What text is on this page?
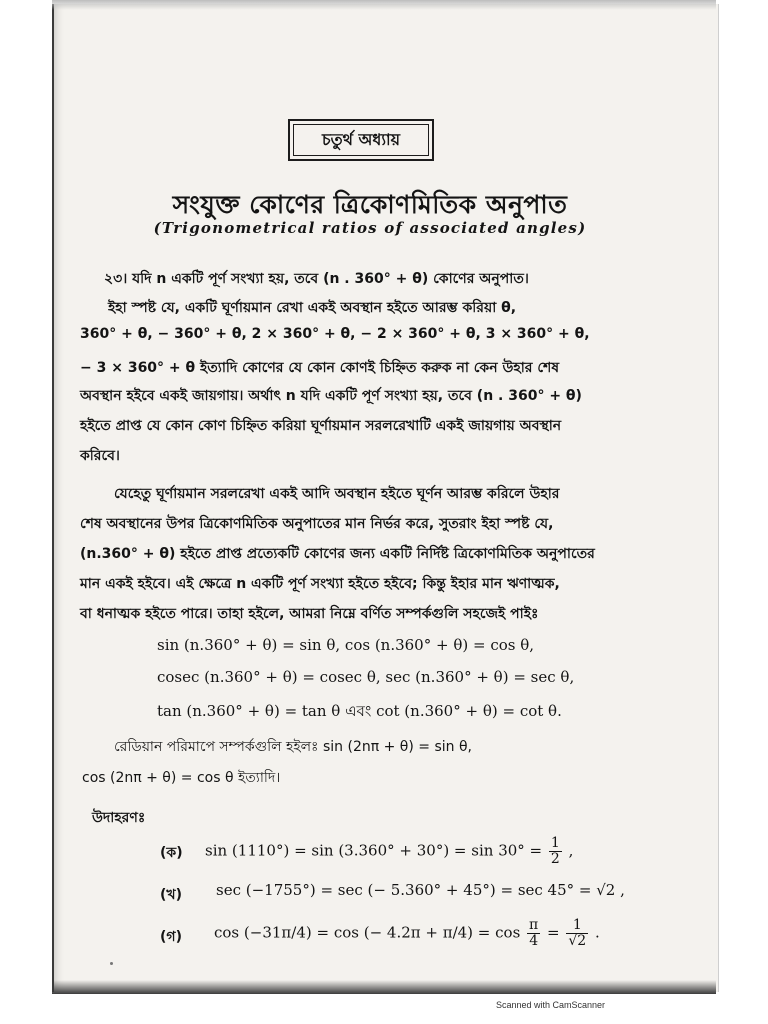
চতুর্থ অধ্যায়
সংযুক্ত কোণের ত্রিকোণমিতিক অনুপাত
(Trigonometrical ratios of associated angles)
২৩। যদি n একটি পূর্ণ সংখ্যা হয়, তবে (n . 360° + θ) কোণের অনুপাত।
ইহা স্পষ্ট যে, একটি ঘূর্ণায়মান রেখা একই অবস্থান হইতে আরম্ভ করিয়া θ,
360° + θ, − 360° + θ, 2 × 360° + θ, − 2 × 360° + θ, 3 × 360° + θ,
− 3 × 360° + θ ইত্যাদি কোণের যে কোন কোণই চিহ্নিত করুক না কেন উহার শেষ
অবস্থান হইবে একই জায়গায়। অর্থাৎ n যদি একটি পূর্ণ সংখ্যা হয়, তবে (n . 360° + θ)
হইতে প্রাপ্ত যে কোন কোণ চিহ্নিত করিয়া ঘূর্ণায়মান সরলরেখাটি একই জায়গায় অবস্থান
করিবে।
যেহেতু ঘূর্ণায়মান সরলরেখা একই আদি অবস্থান হইতে ঘূর্ণন আরম্ভ করিলে উহার
শেষ অবস্থানের উপর ত্রিকোণমিতিক অনুপাতের মান নির্ভর করে, সুতরাং ইহা স্পষ্ট যে,
(n.360° + θ) হইতে প্রাপ্ত প্রত্যেকটি কোণের জন্য একটি নির্দিষ্ট ত্রিকোণমিতিক অনুপাতের
মান একই হইবে। এই ক্ষেত্রে n একটি পূর্ণ সংখ্যা হইতে হইবে; কিন্তু ইহার মান ঋণাত্মক,
বা ধনাত্মক হইতে পারে। তাহা হইলে, আমরা নিম্নে বর্ণিত সম্পর্কগুলি সহজেই পাইঃ
sin (n.360° + θ) = sin θ, cos (n.360° + θ) = cos θ,
cosec (n.360° + θ) = cosec θ, sec (n.360° + θ) = sec θ,
tan (n.360° + θ) = tan θ এবং cot (n.360° + θ) = cot θ.
রেডিয়ান পরিমাপে সম্পর্কগুলি হইলঃ sin (2nπ + θ) = sin θ,
cos (2nπ + θ) = cos θ ইত্যাদি।
উদাহরণঃ
(ক) $\sin (1110^\circ) = \sin (3.360^\circ + 30^\circ) = \sin 30^\circ = \frac{1}{2}$ ,
(খ) sec (−1755°) = sec (− 5.360° + 45°) = sec 45° = √2 ,
(গ) cos (−31π/4) = cos (− $4.2\pi + \pi/4) = \cos \frac{\pi}{4} = \frac{1}{√2}$ .
Scanned with CamScanner
